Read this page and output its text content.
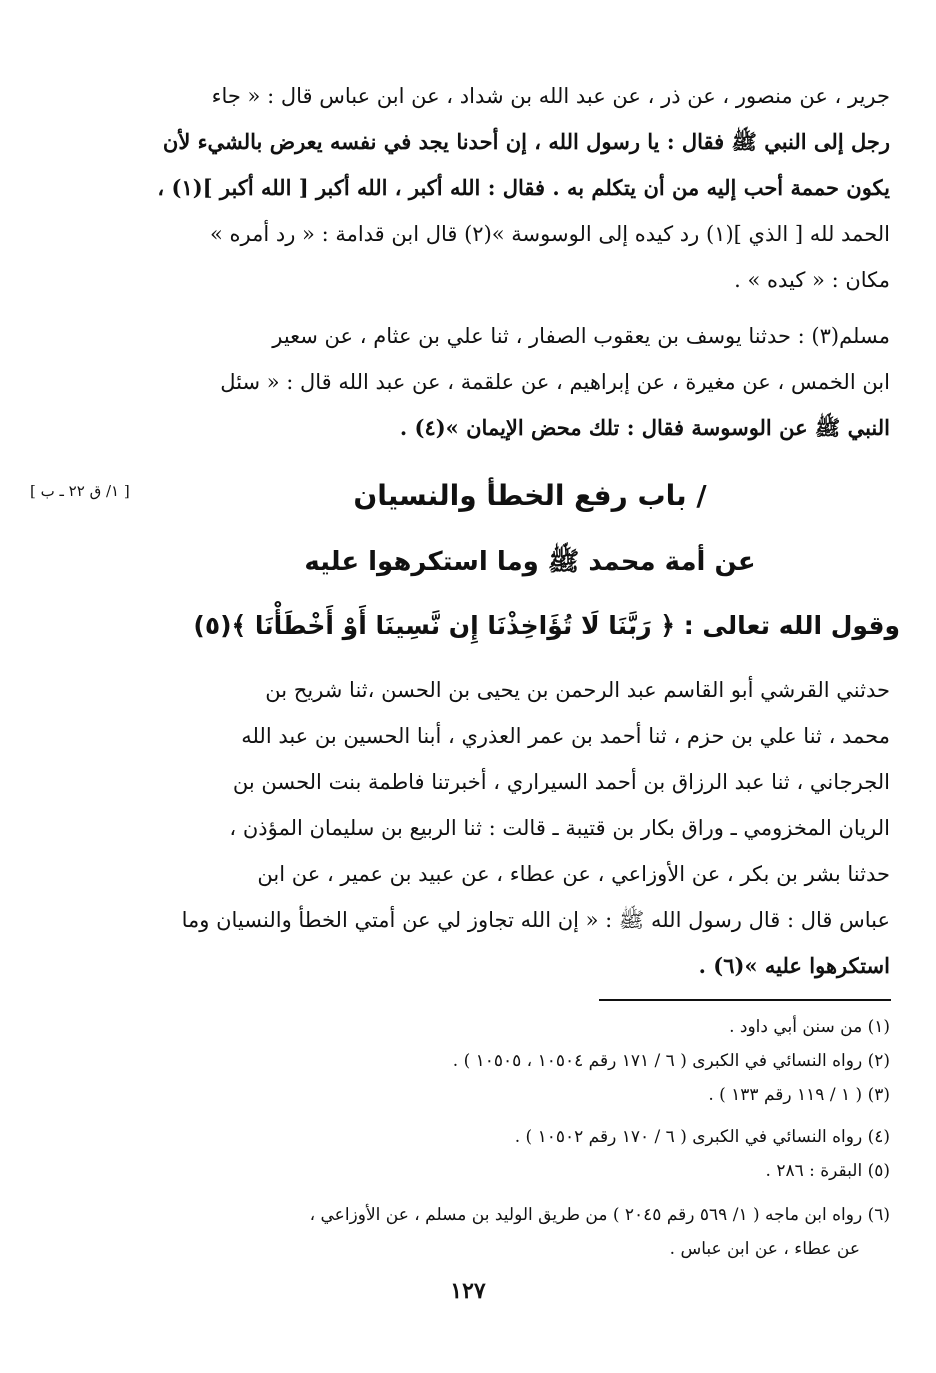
جرير ، عن منصور ، عن ذر ، عن عبد الله بن شداد ، عن ابن عباس قال : « جاء
رجل إلى النبي ﷺ فقال : يا رسول الله ، إن أحدنا يجد في نفسه يعرض بالشيء لأن
يكون حممة أحب إليه من أن يتكلم به . فقال : الله أكبر ، الله أكبر [ الله أكبر ](١) ،
الحمد لله [ الذي ](١) رد كيده إلى الوسوسة »(٢) قال ابن قدامة : « رد أمره »
مكان : « كيده » .
مسلم(٣) : حدثنا يوسف بن يعقوب الصفار ، ثنا علي بن عثام ، عن سعير
ابن الخمس ، عن مغيرة ، عن إبراهيم ، عن علقمة ، عن عبد الله قال : « سئل
النبي ﷺ عن الوسوسة فقال : تلك محض الإيمان »(٤) .
[ ١/ ق ٢٢ ـ ب ]	/ باب رفع الخطأ والنسيان
عن أمة محمد ﷺ وما استكرهوا عليه
وقول الله تعالى : ﴿ رَبَّنَا لَا تُؤَاخِذْنَا إِن نَّسِينَا أَوْ أَخْطَأْنَا ﴾(٥)
حدثني القرشي أبو القاسم عبد الرحمن بن يحيى بن الحسن ،ثنا شريح بن
محمد ، ثنا علي بن حزم ، ثنا أحمد بن عمر العذري ، أبنا الحسين بن عبد الله
الجرجاني ، ثنا عبد الرزاق بن أحمد السيراري ، أخبرتنا فاطمة بنت الحسن بن
الريان المخزومي ـ وراق بكار بن قتيبة ـ قالت : ثنا الربيع بن سليمان المؤذن ،
حدثنا بشر بن بكر ، عن الأوزاعي ، عن عطاء ، عن عبيد بن عمير ، عن ابن
عباس قال : قال رسول الله ﷺ : « إن الله تجاوز لي عن أمتي الخطأ والنسيان وما
استكرهوا عليه »(٦) .
(١) من سنن أبي داود .
(٢) رواه النسائي في الكبرى ( ٦ / ١٧١ رقم ١٠٥٠٤ ، ١٠٥٠٥ ) .
(٣) ( ١ / ١١٩ رقم ١٣٣ ) .
(٤) رواه النسائي في الكبرى ( ٦ / ١٧٠ رقم ١٠٥٠٢ ) .
(٥) البقرة : ٢٨٦ .
(٦) رواه ابن ماجه ( ١/ ٥٦٩ رقم ٢٠٤٥ ) من طريق الوليد بن مسلم ، عن الأوزاعي ،
عن عطاء ، عن ابن عباس .
١٢٧
